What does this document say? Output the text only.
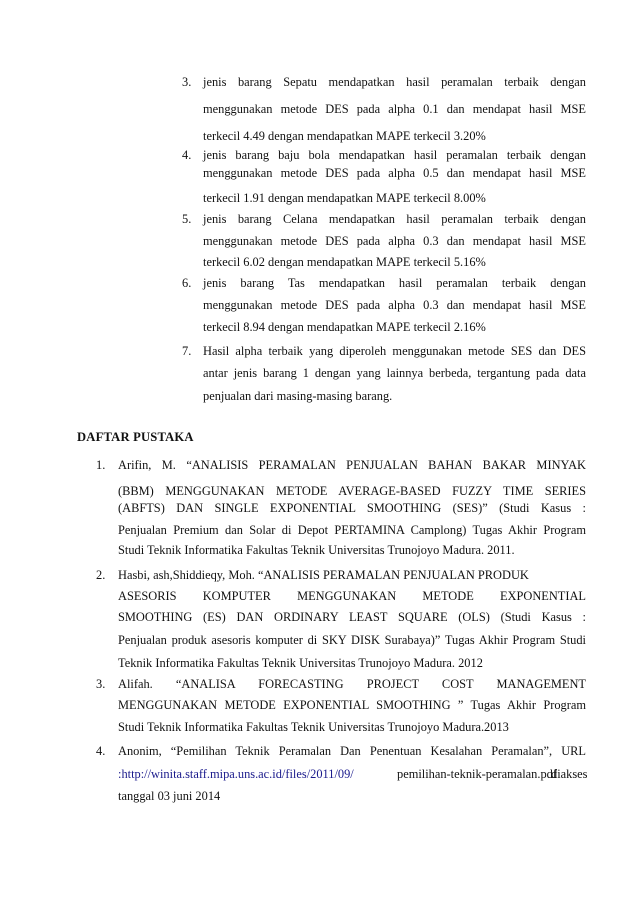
3. jenis barang Sepatu mendapatkan hasil peramalan terbaik dengan
menggunakan metode DES pada alpha 0.1 dan mendapat hasil MSE
terkecil 4.49 dengan mendapatkan MAPE terkecil 3.20%
4. jenis barang baju bola mendapatkan hasil peramalan terbaik dengan
menggunakan metode DES pada alpha 0.5 dan mendapat hasil MSE
terkecil 1.91 dengan mendapatkan MAPE terkecil 8.00%
5. jenis barang Celana mendapatkan hasil peramalan terbaik dengan
menggunakan metode DES pada alpha 0.3 dan mendapat hasil MSE
terkecil 6.02 dengan mendapatkan MAPE terkecil 5.16%
6. jenis barang Tas mendapatkan hasil peramalan terbaik dengan
menggunakan metode DES pada alpha 0.3 dan mendapat hasil MSE
terkecil 8.94 dengan mendapatkan MAPE terkecil 2.16%
7. Hasil alpha terbaik yang diperoleh menggunakan metode SES dan DES
antar jenis barang 1 dengan yang lainnya berbeda, tergantung pada data
penjualan dari masing-masing barang.
DAFTAR PUSTAKA
1. Arifin, M. “ANALISIS PERAMALAN PENJUALAN BAHAN BAKAR MINYAK
(BBM) MENGGUNAKAN METODE AVERAGE-BASED FUZZY TIME SERIES
(ABFTS) DAN SINGLE EXPONENTIAL SMOOTHING (SES)” (Studi Kasus :
Penjualan Premium dan Solar di Depot PERTAMINA Camplong) Tugas Akhir Program
Studi Teknik Informatika Fakultas Teknik Universitas Trunojoyo Madura. 2011.
2. Hasbi, ash,Shiddieqy, Moh. “ANALISIS PERAMALAN PENJUALAN PRODUK
ASESORIS KOMPUTER MENGGUNAKAN METODE EXPONENTIAL
SMOOTHING (ES) DAN ORDINARY LEAST SQUARE (OLS) (Studi Kasus :
Penjualan produk asesoris komputer di SKY DISK Surabaya)” Tugas Akhir Program Studi
Teknik Informatika Fakultas Teknik Universitas Trunojoyo Madura. 2012
3. Alifah. “ANALISA FORECASTING PROJECT COST MANAGEMENT
MENGGUNAKAN METODE EXPONENTIAL SMOOTHING ” Tugas Akhir Program
Studi Teknik Informatika Fakultas Teknik Universitas Trunojoyo Madura.2013
4. Anonim, “Pemilihan Teknik Peramalan Dan Penentuan Kesalahan Peramalan”, URL
:http://winita.staff.mipa.uns.ac.id/files/2011/09/	pemilihan-teknik-peramalan.pdf
diakses
tanggal 03 juni 2014
